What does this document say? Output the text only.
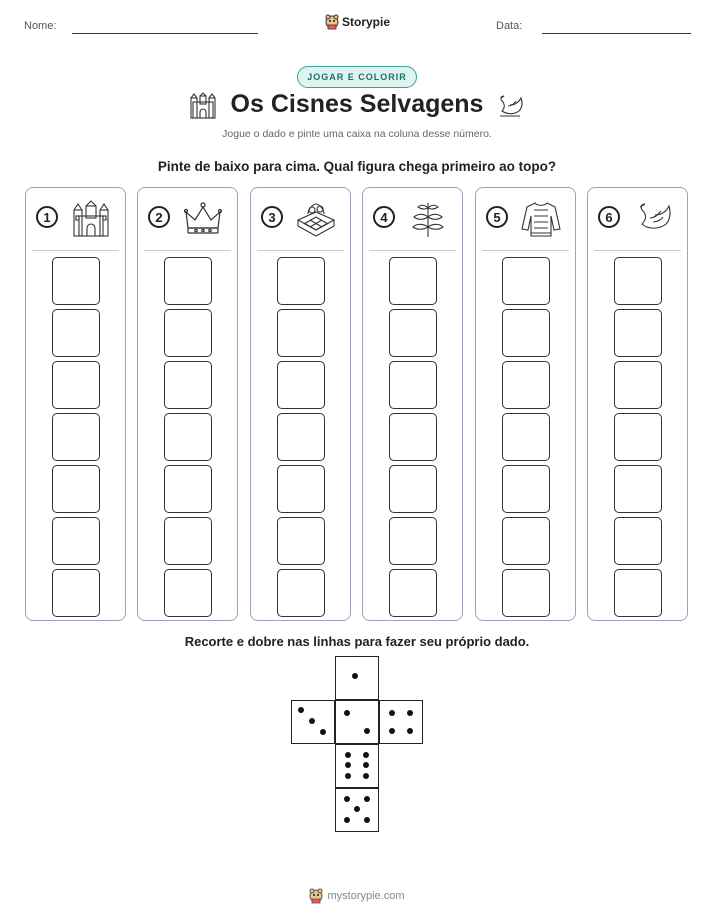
Nome:	Storypie	Data:
JOGAR E COLORIR
Os Cisnes Selvagens
Jogue o dado e pinte uma caixa na coluna desse número.
Pinte de baixo para cima. Qual figura chega primeiro ao topo?
1	2	3	4	5	6
Recorte e dobre nas linhas para fazer seu próprio dado.
mystorypie.com
